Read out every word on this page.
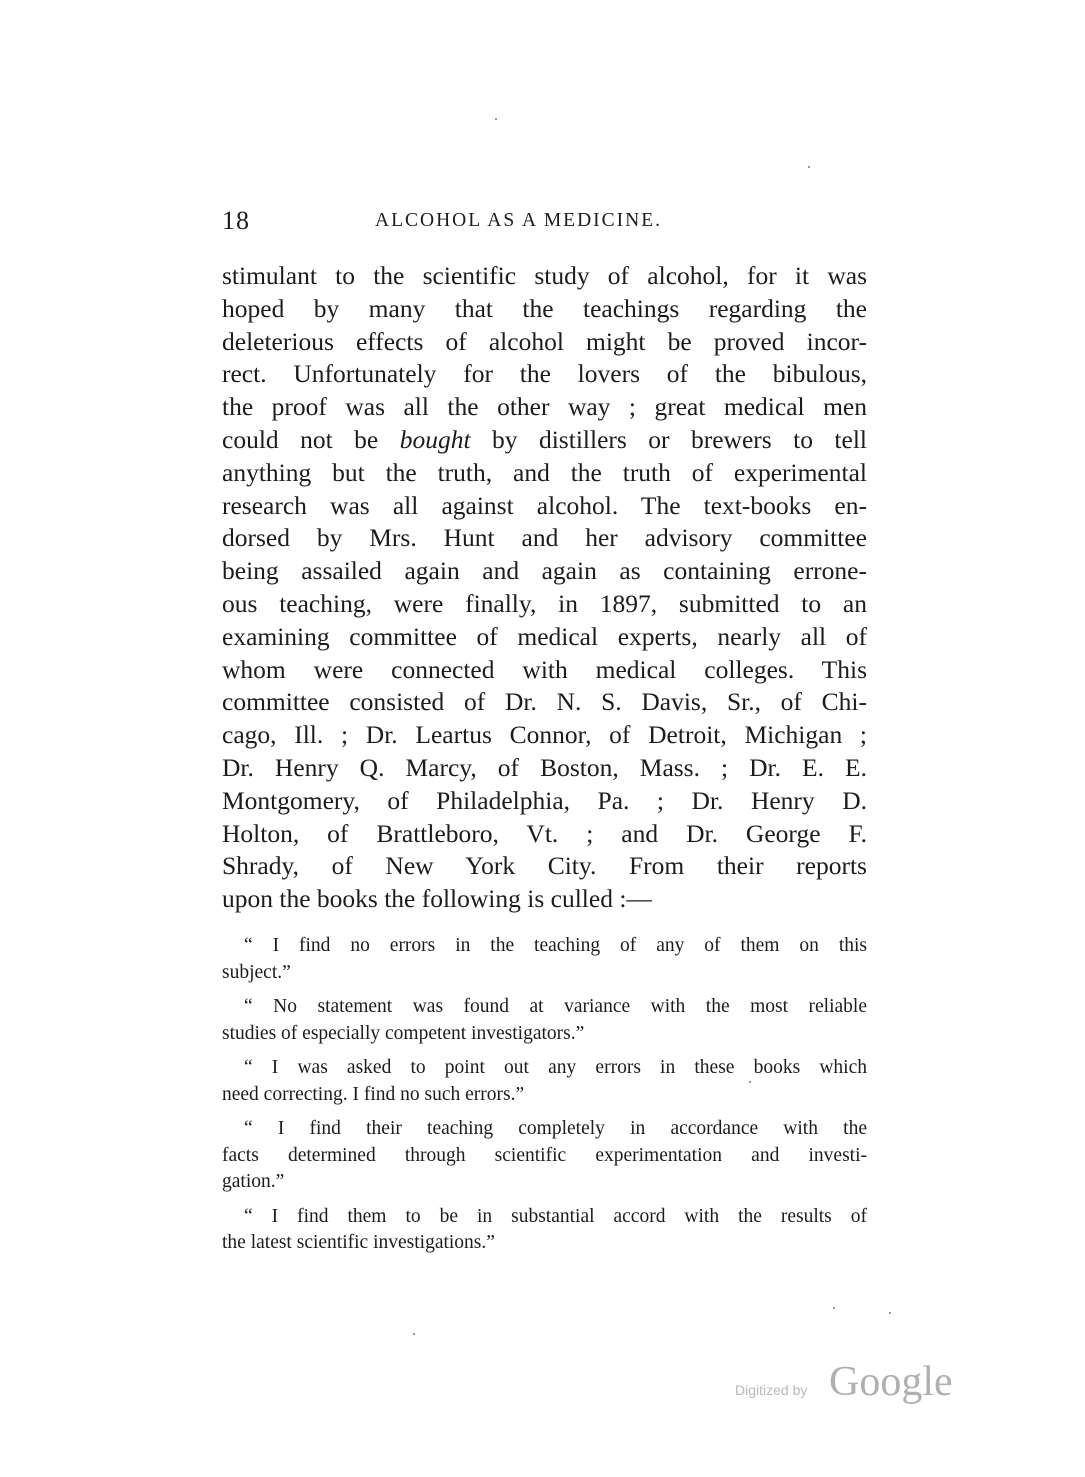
18	ALCOHOL AS A MEDICINE.
stimulant to the scientific study of alcohol, for it was
hoped by many that the teachings regarding the
deleterious effects of alcohol might be proved incor-
rect. Unfortunately for the lovers of the bibulous,
the proof was all the other way ; great medical men
could not be bought by distillers or brewers to tell
anything but the truth, and the truth of experimental
research was all against alcohol. The text-books en-
dorsed by Mrs. Hunt and her advisory committee
being assailed again and again as containing errone-
ous teaching, were finally, in 1897, submitted to an
examining committee of medical experts, nearly all of
whom were connected with medical colleges. This
committee consisted of Dr. N. S. Davis, Sr., of Chi-
cago, Ill. ; Dr. Leartus Connor, of Detroit, Michigan ;
Dr. Henry Q. Marcy, of Boston, Mass. ; Dr. E. E.
Montgomery, of Philadelphia, Pa. ; Dr. Henry D.
Holton, of Brattleboro, Vt. ; and Dr. George F.
Shrady, of New York City. From their reports
upon the books the following is culled :—
“ I find no errors in the teaching of any of them on this
subject.”
“ No statement was found at variance with the most reliable
studies of especially competent investigators.”
“ I was asked to point out any errors in these books which
need correcting. I find no such errors.”
“ I find their teaching completely in accordance with the
facts determined through scientific experimentation and investi-
gation.”
“ I find them to be in substantial accord with the results of
the latest scientific investigations.”
Digitized by Google
